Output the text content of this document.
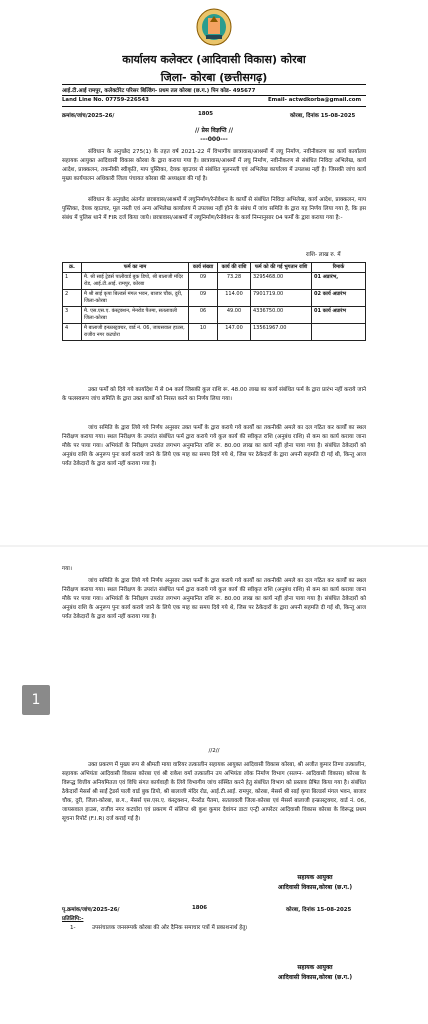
कार्यालय कलेक्टर (आदिवासी विकास) कोरबा
जिला- कोरबा (छत्तीसगढ़)
आई.टी.आई रामपुर, कलेक्टोरेट परिसर बिल्डिंग- प्रथम तल कोरबा (छ.ग.) पिन कोड- 495677
Land Line No. 07759-226543	Email- actwdkorba@gmail.com
क्रमांक/जांच/2025-26/	1805	कोरबा, दिनांक 15-08-2025
// प्रेस विज्ञप्ति //
---000---
संविधान के अनुच्छेद 275(1) के तहत वर्ष 2021-22 में विभागीय छात्रावास/आश्रमों में लघु निर्माण, नवीनीकरण का कार्य कार्यालय सहायक आयुक्त आदिवासी विकास कोरबा के द्वारा कराया गया है। छात्रावास/आश्रमों में लघु निर्माण, नवीनीकरण से संबंधित निविदा अभिलेख, कार्य आदेश, प्राक्कलन, तकनीकी स्वीकृति, माप पुस्तिका, देयक व्हाउचर से संबंधित मूलनस्ती एवं अभिलेख कार्यालय में उपलब्ध नहीं है। जिसकी जांच कार्य मुख्य कार्यपालन अधिकारी जिला पंचायत कोरबा की अध्यक्षता की गई है।
संविधान के अनुच्छेद अंतर्गत छात्रावास/आश्रमों में लघुनिर्माण/रेनोवेशन के कार्यों से संबंधित निविदा अभिलेख, कार्य आदेश, प्राक्कलन, माप पुस्तिका, देयक व्हाउचर, मूल नस्ती एवं अन्य अभिलेख कार्यालय में उपलब्ध नहीं होने के संबंध में जांच समिति के द्वारा यह निर्णय लिया गया है, कि इस संबंध में पुलिस थाने में FIR दर्ज किया जाये। छात्रावास/आश्रमों में लघुनिर्माण/रेनोवेशन के कार्य निम्नानुसार 04 फर्मों के द्वारा कराया गया है:-
राशि- लाख रु. में
क्र.	फर्म का नाम	कार्य संख्या	कार्य की राशि	फर्म को की गई भुगतान राशि	रिमार्क
1	मै. श्री साई ट्रेडर्स पालीवार्ड बुक डिपो, श्री बालाजी मंदिर रोड, आई.टी.आई. रामपुर, कोरबा	09	73.28	3295468.00	01 अप्रारंभ,
2	मै श्री साई कृपा बिल्डर्स मंगल भवन, बाजार चौक, दुरी, जिला-कोरबा	09	114.00	7901719.00	02 कार्य अप्रारंभ
3	मै. एस.एस.ए. कंस्ट्रक्शन, मेनरोड पैतमा, सतलावली जिला-कोरबा	06	49.00	4336750.00	01 कार्य अप्रारंभ
4	मै बालाजी इन्फ्रास्ट्रक्चर, वार्ड नं. 06, जायसवाल हाउस, राजीव नगर कटघोरा	10	147.00	13561967.00	
उक्त फर्मों को दिये गये कार्यादेश में से 04 कार्य जिसकी कुल राशि रू. 48.00 लाख का कार्य संबंधित फर्म के द्वारा प्रारंभ नहीं कराये जाने के फलस्वरूप जांच समिति के द्वारा उक्त कार्यों को निरस्त करने का निर्णय लिया गया।
जांच समिति के द्वारा लिये गये निर्णय अनुसार उक्त फर्मों के द्वारा कराये गये कार्यों का तकनीकी अमले का दल गठित कर कार्यों का स्थल निरीक्षण कराया गया। स्थल निरीक्षण के उपरांत संबंधित फर्म द्वारा कराये गये कुल कार्य की स्वीकृत राशि (अनुबंध राशि) से कम का कार्य कराया जाना मौके पर पाया गया। अभियंतों के निरीक्षण उपरांत लगभग अनुमानित राशि रू. 80.00 लाख का कार्य नहीं होना पाया गया है। संबंधित ठेकेदारों को अनुबंध राशि के अनुरूप पुनः कार्य कराये जाने के लिये एक माह का समय दिये गये थे, जिस पर ठेकेदारों के द्वारा अपनी सहमति दी गई थी, किन्तु आज पर्यंत ठेकेदारों के द्वारा कार्य नहीं कराया गया है।
गया।
जांच समिति के द्वारा लिये गये निर्णय अनुसार उक्त फर्मों के द्वारा कराये गये कार्यों का तकनीकी अमले का दल गठित कर कार्यों का स्थल निरीक्षण कराया गया। स्थल निरीक्षण के उपरांत संबंधित फर्म द्वारा कराये गये कुल कार्य की स्वीकृत राशि (अनुबंध राशि) से कम का कार्य कराया जाना मौके पर पाया गया। अभियंतों के निरीक्षण उपरांत लगभग अनुमानित राशि रू. 80.00 लाख का कार्य नहीं होना पाया गया है। संबंधित ठेकेदारों को अनुबंध राशि के अनुरूप पुनः कार्य कराये जाने के लिये एक माह का समय दिये गये थे, जिस पर ठेकेदारों के द्वारा अपनी सहमति दी गई थी, किन्तु आज पर्यंत ठेकेदारों के द्वारा कार्य नहीं कराया गया है।
1
//2//
उक्त प्रकरण में मुख्य रूप से श्रीमती माया वारियर तत्कालीन सहायक आयुक्त आदिवासी विकास कोरबा, श्री अजीत कुमार तिग्गा तत्कालीन, सहायक अभियंता आदिवासी विकास कोरबा एवं श्री राकेश वर्मा तत्कालीन उप अभियंता लोक निर्माण विभाग (सलग्न- आदिवासी विकास) कोरबा के विरूद्ध वित्तीय अनियमितता एवं विधि संगत कार्यवाही के लिये विभागीय जांच संस्थित करने हेतु संबंधित विभाग को प्रस्ताव प्रेषित किया गया है। संबंधित ठेकेदारों मेसर्स श्री साईं ट्रेडर्स पाली वार्ड बुक डिपो, श्री बालाजी मंदिर रोड, आई.टी.आई. रामपुर, कोरबा, मेसर्स श्री साई कृपा बिल्डर्स मंगल भवन, बाजार चौक, दुरी, जिला-कोरबा, छ.ग., मेसर्स एस.एस.ए. कंस्ट्रक्शन, मेनरोड पैतमा, सतलावली जिला-कोरबा एवं मेसर्स बालाजी इन्फ्रास्ट्रक्चर, वार्ड नं. 06, जायसवाल हाउस, राजीव नगर कटघोरा एवं प्रकरण में संलिप्त श्री कुश कुमार देवांगन डाटा एन्ट्री आपरेटर आदिवासी विकास कोरबा के विरूद्ध प्रथम सूचना रिपोर्ट (F.I.R) दर्ज कराई गई है।
सहायक आयुक्त
आदिवासी विकास,कोरबा (छ.ग.)
पृ.क्रमांक/जांच/2025-26/	1806	कोरबा, दिनांक 15-08-2025
प्रतिलिपि:-
1-	उपसंचालक जनसम्पर्क कोरबा की ओर दैनिक समाचार पत्रों में प्रकाशनार्थ हेतु।
सहायक आयुक्त
आदिवासी विकास,कोरबा (छ.ग.)
